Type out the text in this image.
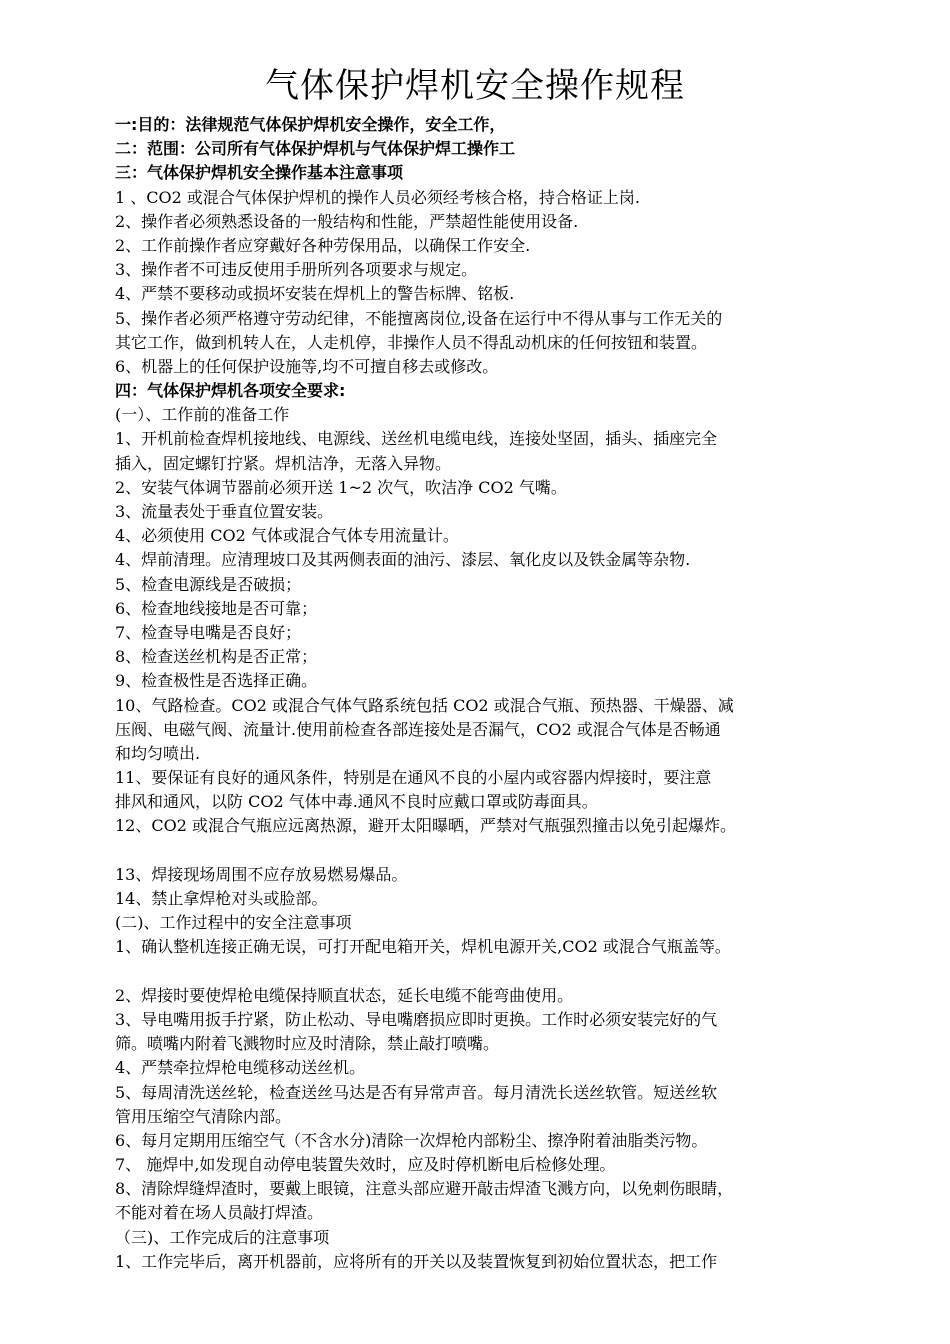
气体保护焊机安全操作规程
一:目的：法律规范气体保护焊机安全操作，安全工作，
二：范围：公司所有气体保护焊机与气体保护焊工操作工
三：气体保护焊机安全操作基本注意事项
1 、CO2 或混合气体保护焊机的操作人员必须经考核合格，持合格证上岗.
2、操作者必须熟悉设备的一般结构和性能，严禁超性能使用设备.
2、工作前操作者应穿戴好各种劳保用品，以确保工作安全.
3、操作者不可违反使用手册所列各项要求与规定。
4、严禁不要移动或损坏安装在焊机上的警告标牌、铭板.
5、操作者必须严格遵守劳动纪律，不能擅离岗位,设备在运行中不得从事与工作无关的
其它工作，做到机转人在，人走机停，非操作人员不得乱动机床的任何按钮和装置。
6、机器上的任何保护设施等,均不可擅自移去或修改。
四：气体保护焊机各项安全要求:
(一）、工作前的准备工作
1、开机前检查焊机接地线、电源线、送丝机电缆电线，连接处坚固，插头、插座完全
插入，固定螺钉拧紧。焊机洁净，无落入异物。
2、安装气体调节器前必须开送 1~2 次气，吹洁净 CO2 气嘴。
3、流量表处于垂直位置安装。
4、必须使用 CO2 气体或混合气体专用流量计。
4、焊前清理。应清理坡口及其两侧表面的油污、漆层、氧化皮以及铁金属等杂物.
5、检查电源线是否破损；
6、检查地线接地是否可靠；
7、检查导电嘴是否良好；
8、检查送丝机构是否正常；
9、检查极性是否选择正确。
10、气路检查。CO2 或混合气体气路系统包括 CO2 或混合气瓶、预热器、干燥器、减
压阀、电磁气阀、流量计.使用前检查各部连接处是否漏气，CO2 或混合气体是否畅通
和均匀喷出.
11、要保证有良好的通风条件，特别是在通风不良的小屋内或容器内焊接时，要注意
排风和通风，以防 CO2 气体中毒.通风不良时应戴口罩或防毒面具。
12、CO2 或混合气瓶应远离热源，避开太阳曝晒，严禁对气瓶强烈撞击以免引起爆炸。
13、焊接现场周围不应存放易燃易爆品。
14、禁止拿焊枪对头或脸部。
(二)、工作过程中的安全注意事项
1、确认整机连接正确无误，可打开配电箱开关，焊机电源开关,CO2 或混合气瓶盖等。
2、焊接时要使焊枪电缆保持顺直状态，延长电缆不能弯曲使用。
3、导电嘴用扳手拧紧，防止松动、导电嘴磨损应即时更换。工作时必须安装完好的气
筛。喷嘴内附着飞溅物时应及时清除，禁止敲打喷嘴。
4、严禁牵拉焊枪电缆移动送丝机。
5、每周清洗送丝轮，检查送丝马达是否有异常声音。每月清洗长送丝软管。短送丝软
管用压缩空气清除内部。
6、每月定期用压缩空气（不含水分)清除一次焊枪内部粉尘、擦净附着油脂类污物。
7、 施焊中,如发现自动停电装置失效时，应及时停机断电后检修处理。
8、清除焊缝焊渣时，要戴上眼镜，注意头部应避开敲击焊渣飞溅方向，以免刺伤眼睛，
不能对着在场人员敲打焊渣。
（三)、工作完成后的注意事项
1、工作完毕后，离开机器前，应将所有的开关以及装置恢复到初始位置状态，把工作
